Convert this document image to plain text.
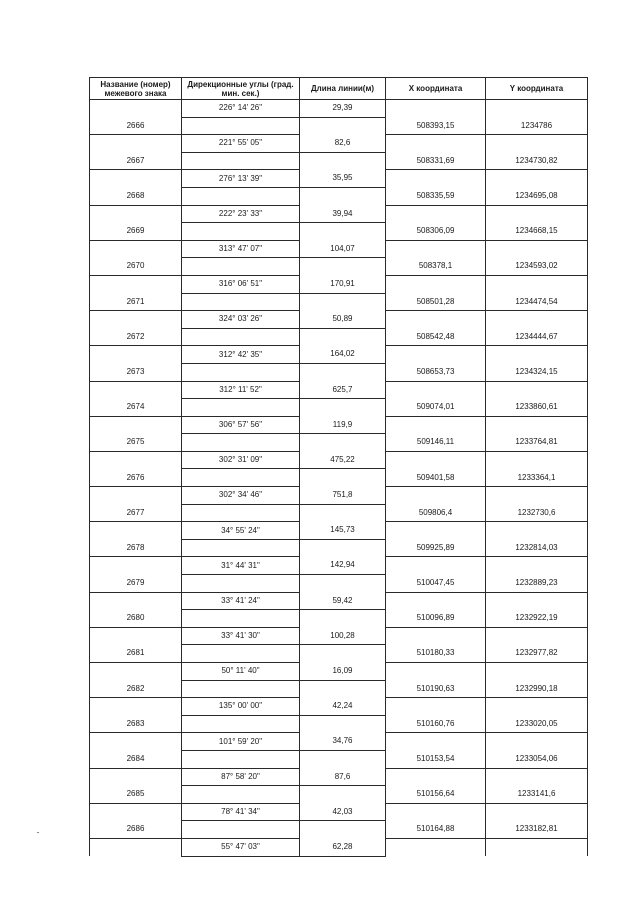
Название (номер) межевого знака	Дирекционные углы (град. мин. сек.)	Длина линии(м)	X координата	Y координата
	226° 14' 26"	29,39		
2666			508393,15	1234786
	221° 55' 05"	82,6		
2667			508331,69	1234730,82
	276° 13' 39"	35,95		
2668			508335,59	1234695,08
	222° 23' 33"	39,94		
2669			508306,09	1234668,15
	313° 47' 07"	104,07		
2670			508378,1	1234593,02
	316° 06' 51"	170,91		
2671			508501,28	1234474,54
	324° 03' 26"	50,89		
2672			508542,48	1234444,67
	312° 42' 35"	164,02		
2673			508653,73	1234324,15
	312° 11' 52"	625,7		
2674			509074,01	1233860,61
	306° 57' 56"	119,9		
2675			509146,11	1233764,81
	302° 31' 09"	475,22		
2676			509401,58	1233364,1
	302° 34' 46"	751,8		
2677			509806,4	1232730,6
	34° 55' 24"	145,73		
2678			509925,89	1232814,03
	31° 44' 31"	142,94		
2679			510047,45	1232889,23
	33° 41' 24"	59,42		
2680			510096,89	1232922,19
	33° 41' 30"	100,28		
2681			510180,33	1232977,82
	50° 11' 40"	16,09		
2682			510190,63	1232990,18
	135° 00' 00"	42,24		
2683			510160,76	1233020,05
	101° 59' 20"	34,76		
2684			510153,54	1233054,06
	87° 58' 20"	87,6		
2685			510156,64	1233141,6
	78° 41' 34"	42,03		
2686			510164,88	1233182,81
	55° 47' 03"	62,28		
